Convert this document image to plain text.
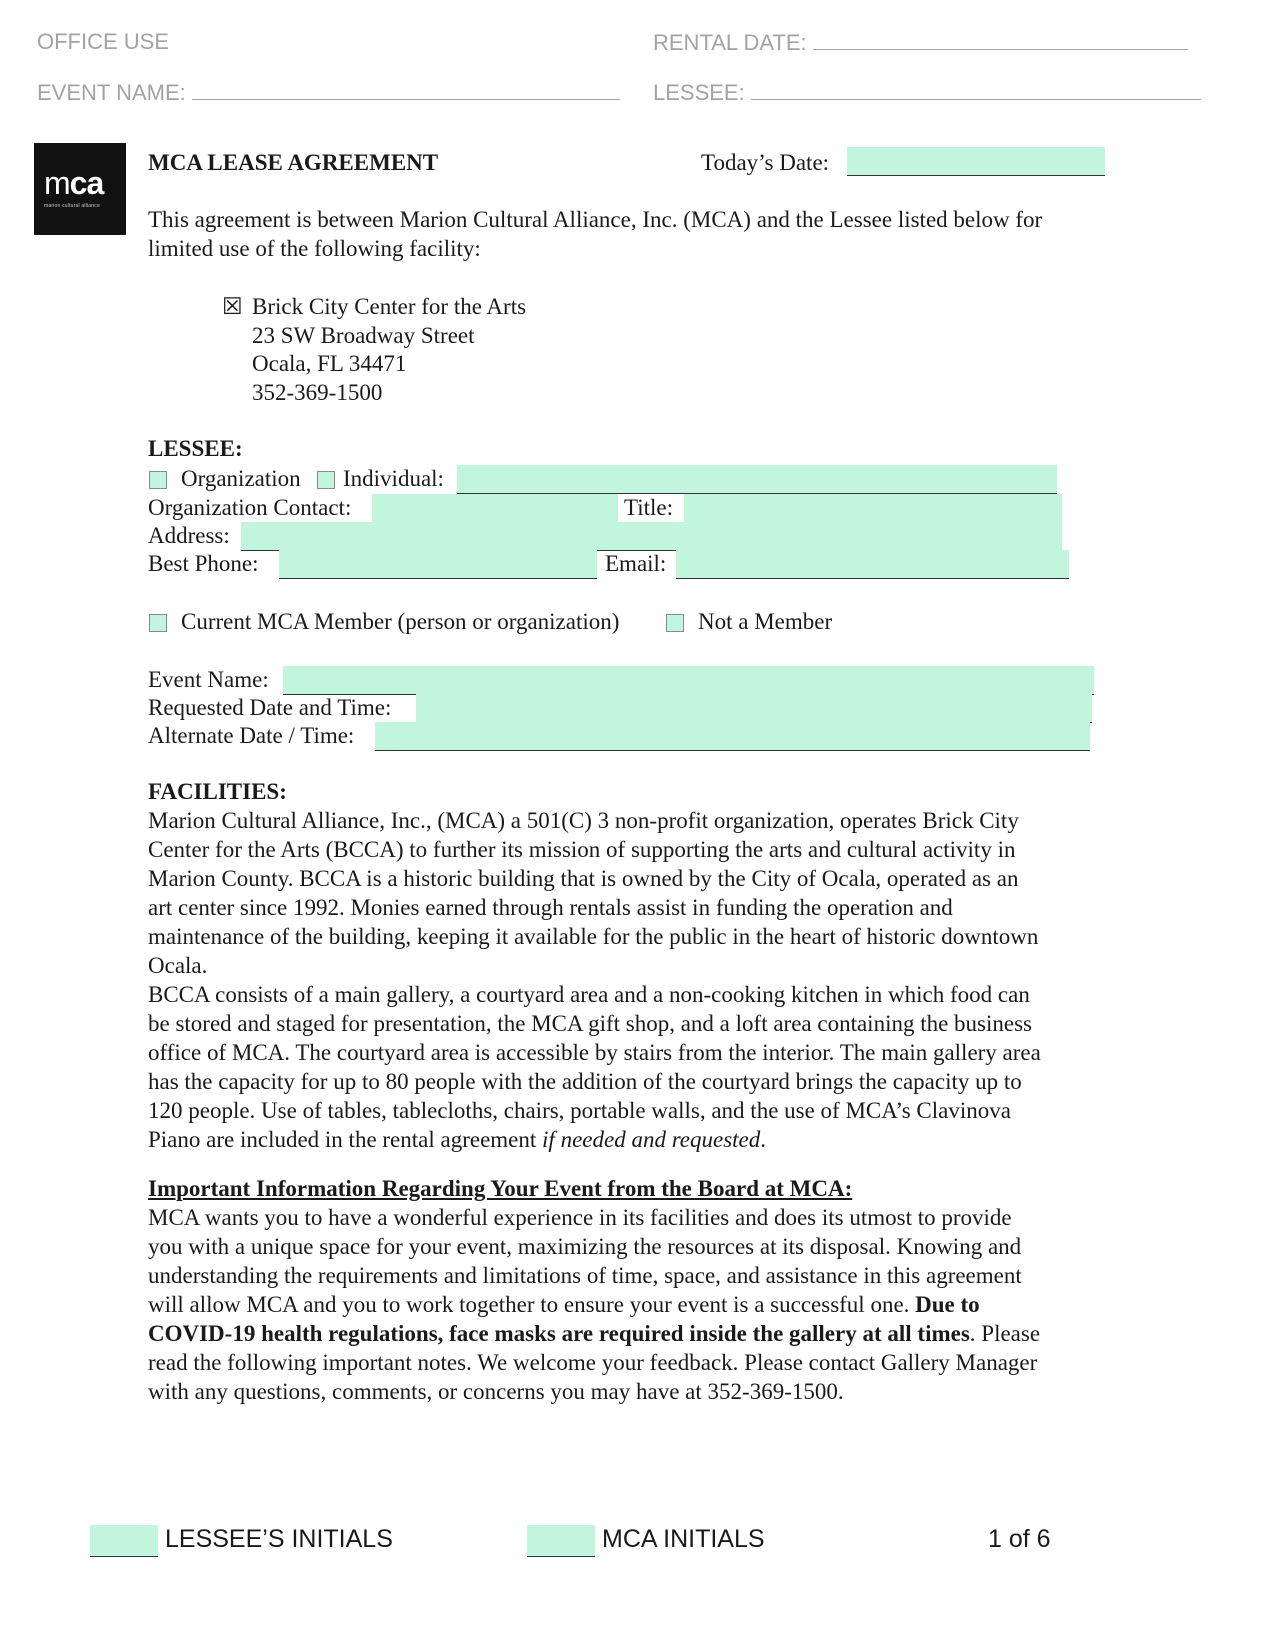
OFFICE USE	RENTAL DATE:
EVENT NAME:	LESSEE:
mca
marion cultural alliance
MCA LEASE AGREEMENT	Today’s Date:
This agreement is between Marion Cultural Alliance, Inc. (MCA) and the Lessee listed below for
limited use of the following facility:
☒ Brick City Center for the Arts
23 SW Broadway Street
Ocala, FL 34471
352-369-1500
LESSEE:
Organization Individual:
Organization Contact:	Title:
Address:
Best Phone:	Email:
Current MCA Member (person or organization)	Not a Member
Event Name:
Requested Date and Time:
Alternate Date / Time:

FACILITIES:

Marion Cultural Alliance, Inc., (MCA) a 501(C) 3 non-profit organization, operates Brick City

Center for the Arts (BCCA) to further its mission of supporting the arts and cultural activity in

Marion County. BCCA is a historic building that is owned by the City of Ocala, operated as an

art center since 1992. Monies earned through rentals assist in funding the operation and

maintenance of the building, keeping it available for the public in the heart of historic downtown

Ocala.

BCCA consists of a main gallery, a courtyard area and a non-cooking kitchen in which food can

be stored and staged for presentation, the MCA gift shop, and a loft area containing the business

office of MCA. The courtyard area is accessible by stairs from the interior. The main gallery area

has the capacity for up to 80 people with the addition of the courtyard brings the capacity up to

120 people. Use of tables, tablecloths, chairs, portable walls, and the use of MCA’s Clavinova

Piano are included in the rental agreement if needed and requested.

Important Information Regarding Your Event from the Board at MCA:

MCA wants you to have a wonderful experience in its facilities and does its utmost to provide

you with a unique space for your event, maximizing the resources at its disposal. Knowing and

understanding the requirements and limitations of time, space, and assistance in this agreement

will allow MCA and you to work together to ensure your event is a successful one. Due to

COVID-19 health regulations, face masks are required inside the gallery at all times. Please

read the following important notes. We welcome your feedback. Please contact Gallery Manager

with any questions, comments, or concerns you may have at 352-369-1500.

LESSEE’S INITIALS	MCA INITIALS	1 of 6
